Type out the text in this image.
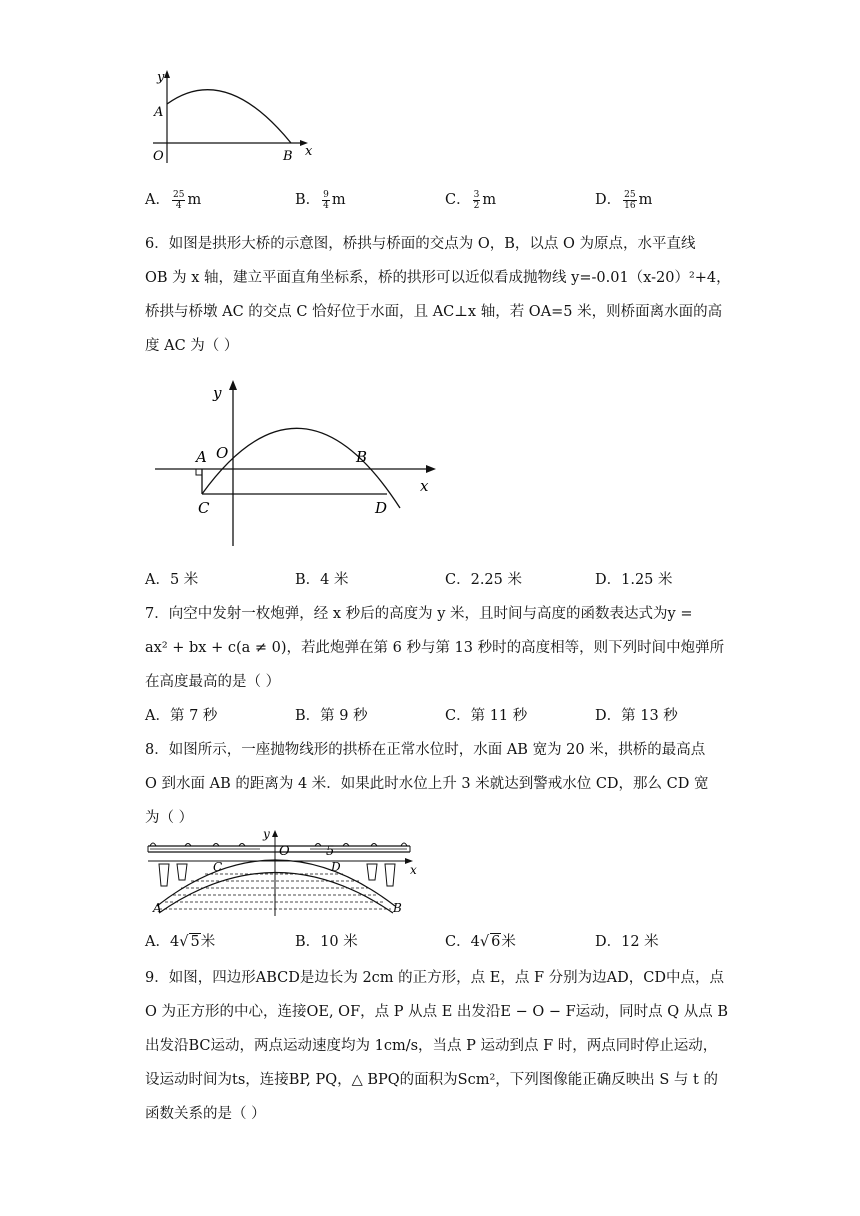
y
A
O	B x
A． $\frac{25}{4}$ m	B． $\frac{9}{4}$ m	C． $\frac{3}{2}$ m	D． $\frac{25}{16}$ m
6．如图是拱形大桥的示意图，桥拱与桥面的交点为 O，B，以点 O 为原点，水平直线
OB 为 x 轴，建立平面直角坐标系，桥的拱形可以近似看成抛物线 y=-0.01（x-20）²+4，
桥拱与桥墩 AC 的交点 C 恰好位于水面，且 AC⊥x 轴，若 OA=5 米，则桥面离水面的高
度 AC 为（ ）
y
A O	B
x
C	D
A．5 米	B．4 米	C．2.25 米	D．1.25 米
7．向空中发射一枚炮弹，经 x 秒后的高度为 y 米，且时间与高度的函数表达式为y =
ax² + bx + c(a ≠ 0)，若此炮弹在第 6 秒与第 13 秒时的高度相等，则下列时间中炮弹所
在高度最高的是（ ）
A．第 7 秒	B．第 9 秒	C．第 11 秒	D．第 13 秒
8．如图所示，一座抛物线形的拱桥在正常水位时，水面 AB 宽为 20 米，拱桥的最高点
O 到水面 AB 的距离为 4 米．如果此时水位上升 3 米就达到警戒水位 CD，那么 CD 宽
为（ ）
y
O	5
C	D	x
A	B
A．4√ 5米	B．10 米	C．4√ 6米	D．12 米
9．如图，四边形ABCD是边长为 2cm 的正方形，点 E，点 F 分别为边AD，CD中点，点
O 为正方形的中心，连接OE, OF，点 P 从点 E 出发沿E − O − F运动，同时点 Q 从点 B
出发沿BC运动，两点运动速度均为 1cm/s，当点 P 运动到点 F 时，两点同时停止运动，
设运动时间为ts，连接BP, PQ，△ BPQ的面积为Scm²，下列图像能正确反映出 S 与 t 的
函数关系的是（ ）
